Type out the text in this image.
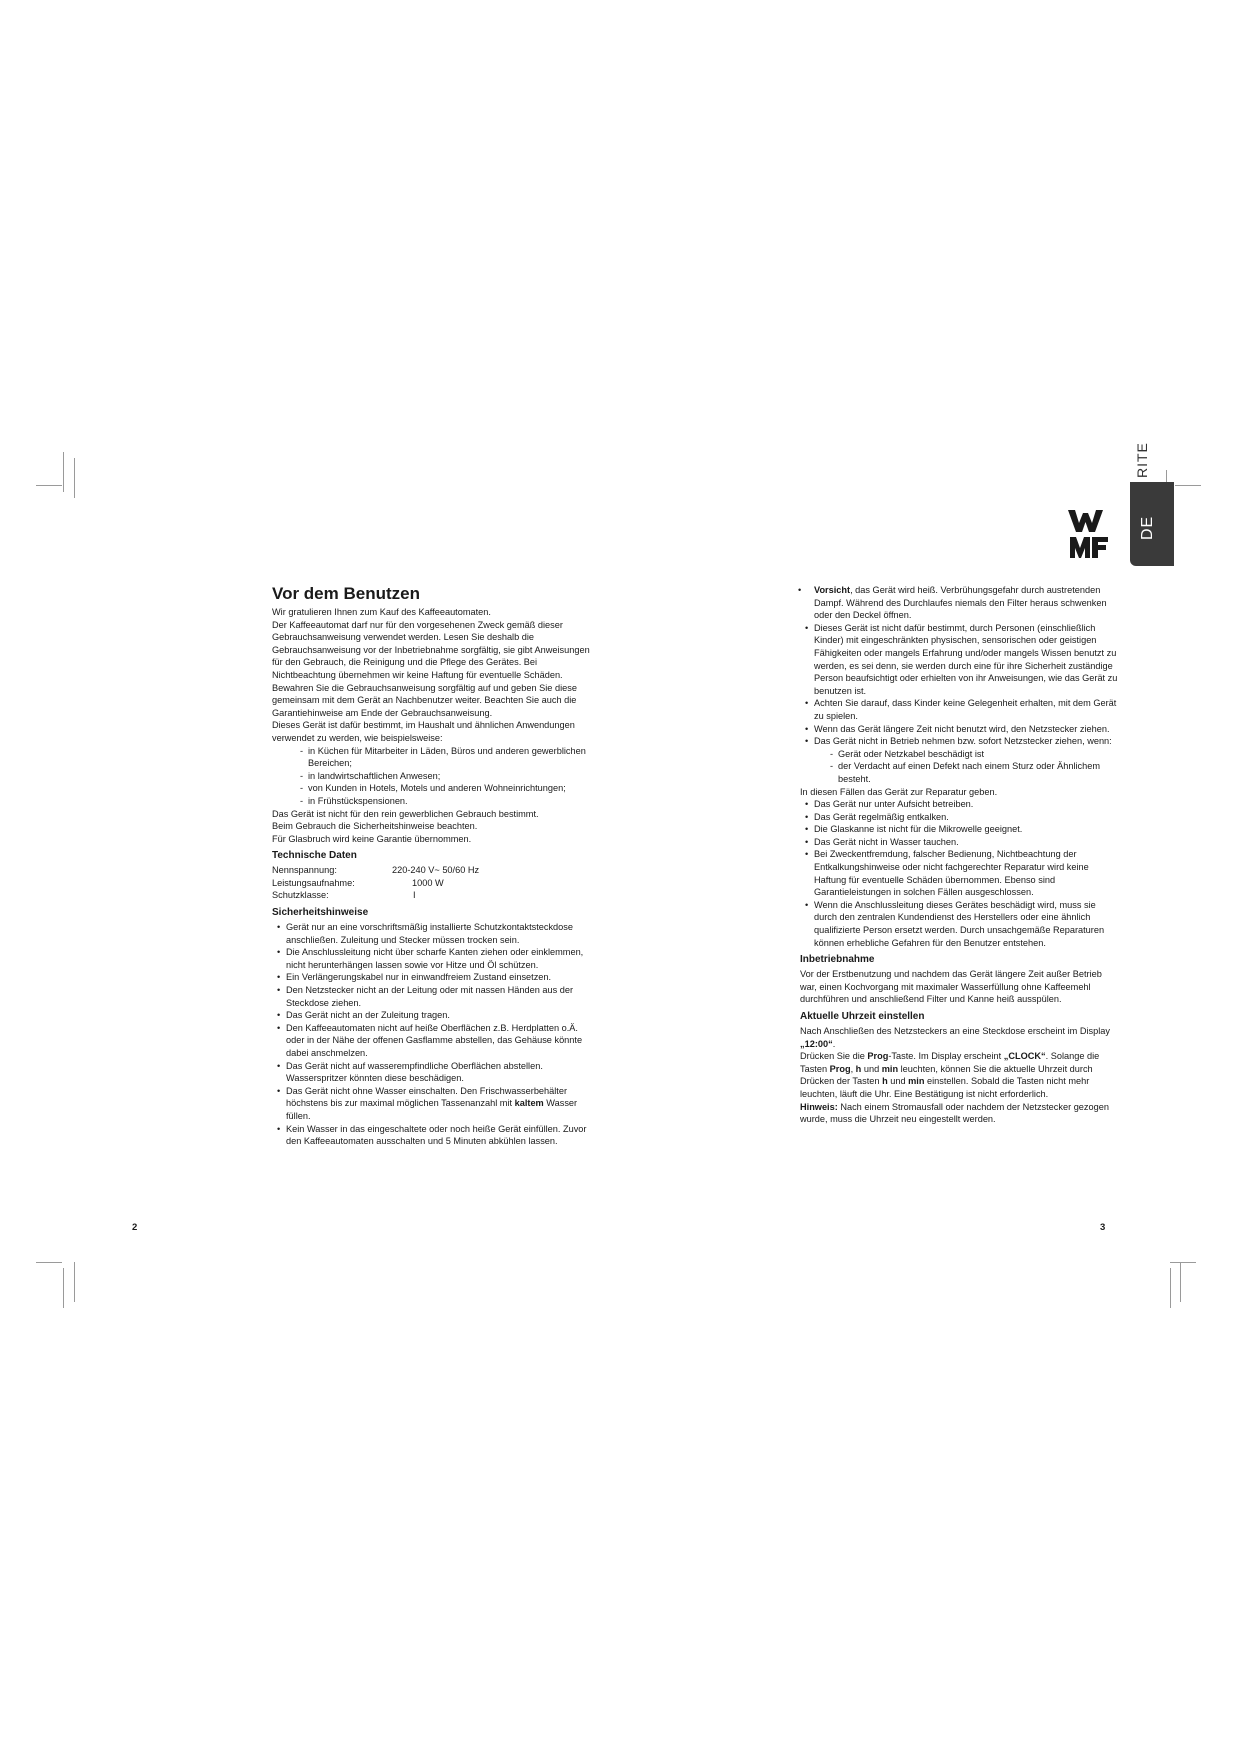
DE
RITE
Vor dem Benutzen

Wir gratulieren Ihnen zum Kauf des Kaffeeautomaten.

Der Kaffeeautomat darf nur für den vorgesehenen Zweck gemäß dieser Gebrauchsanweisung verwendet werden. Lesen Sie deshalb die Gebrauchsanweisung vor der Inbetriebnahme sorgfältig, sie gibt Anweisungen für den Gebrauch, die Reinigung und die Pflege des Gerätes. Bei Nichtbeachtung übernehmen wir keine Haftung für eventuelle Schäden. Bewahren Sie die Gebrauchsanweisung sorgfältig auf und geben Sie diese gemeinsam mit dem Gerät an Nachbenutzer weiter. Beachten Sie auch die Garantiehinweise am Ende der Gebrauchsanweisung.

Dieses Gerät ist dafür bestimmt, im Haushalt und ähnlichen Anwendungen verwendet zu werden, wie beispielsweise:

- in Küchen für Mitarbeiter in Läden, Büros und anderen gewerblichen Bereichen;
- in landwirtschaftlichen Anwesen;
- von Kunden in Hotels, Motels und anderen Wohneinrichtungen;
- in Frühstückspensionen.

Das Gerät ist nicht für den rein gewerblichen Gebrauch bestimmt.

Beim Gebrauch die Sicherheitshinweise beachten.

Für Glasbruch wird keine Garantie übernommen.

Technische Daten
Nennspannung:	220-240 V~ 50/60 Hz
Leistungsaufnahme:	1000 W
Schutzklasse:	I
Sicherheitshinweise
• Gerät nur an eine vorschriftsmäßig installierte Schutzkontaktsteckdose anschließen. Zuleitung und Stecker müssen trocken sein.
• Die Anschlussleitung nicht über scharfe Kanten ziehen oder einklemmen, nicht herunterhängen lassen sowie vor Hitze und Öl schützen.
• Ein Verlängerungskabel nur in einwandfreiem Zustand einsetzen.
• Den Netzstecker nicht an der Leitung oder mit nassen Händen aus der Steckdose ziehen.
• Das Gerät nicht an der Zuleitung tragen.
• Den Kaffeeautomaten nicht auf heiße Oberflächen z.B. Herdplatten o.Ä. oder in der Nähe der offenen Gasflamme abstellen, das Gehäuse könnte dabei anschmelzen.
• Das Gerät nicht auf wasserempfindliche Oberflächen abstellen. Wasserspritzer könnten diese beschädigen.
• Das Gerät nicht ohne Wasser einschalten. Den Frischwasserbehälter höchstens bis zur maximal möglichen Tassenanzahl mit kaltem Wasser füllen.
• Kein Wasser in das eingeschaltete oder noch heiße Gerät einfüllen. Zuvor den Kaffeeautomaten ausschalten und 5 Minuten abkühlen lassen.
• Vorsicht, das Gerät wird heiß. Verbrühungsgefahr durch austretenden Dampf. Während des Durchlaufes niemals den Filter heraus schwenken oder den Deckel öffnen.
• Dieses Gerät ist nicht dafür bestimmt, durch Personen (einschließlich Kinder) mit eingeschränkten physischen, sensorischen oder geistigen Fähigkeiten oder mangels Erfahrung und/oder mangels Wissen benutzt zu werden, es sei denn, sie werden durch eine für ihre Sicherheit zuständige Person beaufsichtigt oder erhielten von ihr Anweisungen, wie das Gerät zu benutzen ist.
• Achten Sie darauf, dass Kinder keine Gelegenheit erhalten, mit dem Gerät zu spielen.
• Wenn das Gerät längere Zeit nicht benutzt wird, den Netzstecker ziehen.
• Das Gerät nicht in Betrieb nehmen bzw. sofort Netzstecker ziehen, wenn:
- Gerät oder Netzkabel beschädigt ist
- der Verdacht auf einen Defekt nach einem Sturz oder Ähnlichem besteht.

In diesen Fällen das Gerät zur Reparatur geben.

• Das Gerät nur unter Aufsicht betreiben.
• Das Gerät regelmäßig entkalken.
• Die Glaskanne ist nicht für die Mikrowelle geeignet.
• Das Gerät nicht in Wasser tauchen.
• Bei Zweckentfremdung, falscher Bedienung, Nichtbeachtung der Entkalkungshinweise oder nicht fachgerechter Reparatur wird keine Haftung für eventuelle Schäden übernommen. Ebenso sind Garantieleistungen in solchen Fällen ausgeschlossen.
• Wenn die Anschlussleitung dieses Gerätes beschädigt wird, muss sie durch den zentralen Kundendienst des Herstellers oder eine ähnlich qualifizierte Person ersetzt werden. Durch unsachgemäße Reparaturen können erhebliche Gefahren für den Benutzer entstehen.
Inbetriebnahme

Vor der Erstbenutzung und nachdem das Gerät längere Zeit außer Betrieb war, einen Kochvorgang mit maximaler Wasserfüllung ohne Kaffeemehl durchführen und anschließend Filter und Kanne heiß ausspülen.

Aktuelle Uhrzeit einstellen

Nach Anschließen des Netzsteckers an eine Steckdose erscheint im Display „12:00“.

Drücken Sie die Prog-Taste. Im Display erscheint „CLOCK“. Solange die Tasten Prog, h und min leuchten, können Sie die aktuelle Uhrzeit durch Drücken der Tasten h und min einstellen. Sobald die Tasten nicht mehr leuchten, läuft die Uhr. Eine Bestätigung ist nicht erforderlich.

Hinweis: Nach einem Stromausfall oder nachdem der Netzstecker gezogen wurde, muss die Uhrzeit neu eingestellt werden.

2	3
